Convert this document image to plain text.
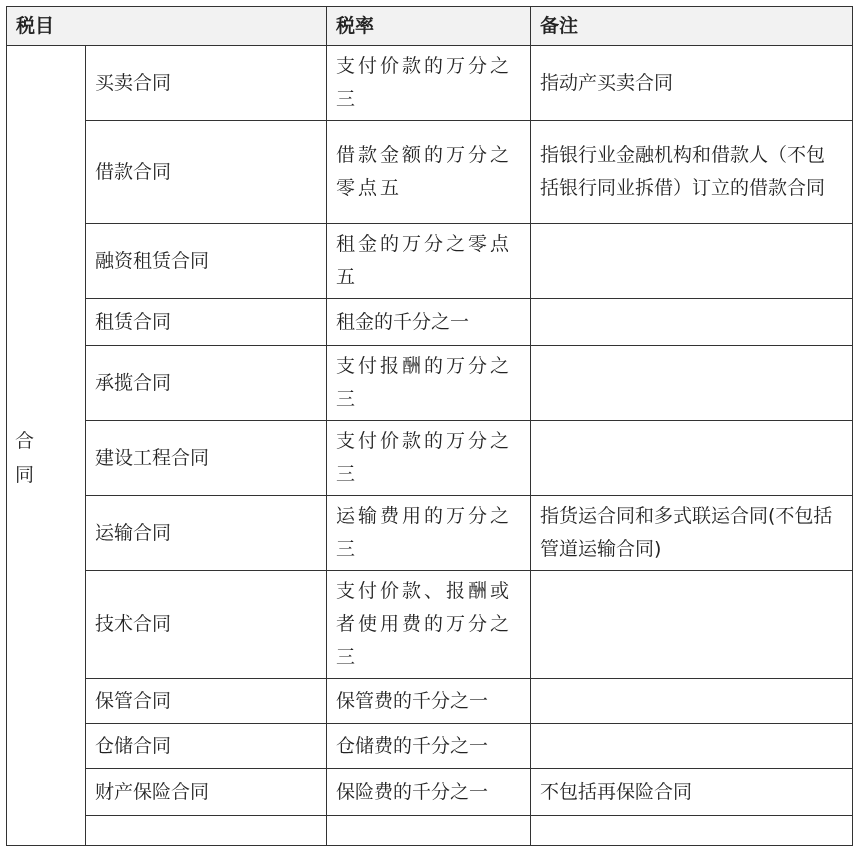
税目		税率	备注

合同	买卖合同	支付价款的万分之三	指动产买卖合同
	借款合同	借款金额的万分之零点五	指银行业金融机构和借款人（不包括银行同业拆借）订立的借款合同
	融资租赁合同	租金的万分之零点五	
	租赁合同	租金的千分之一	
	承揽合同	支付报酬的万分之三	
	建设工程合同	支付价款的万分之三	
	运输合同	运输费用的万分之三	指货运合同和多式联运合同(不包括管道运输合同)
	技术合同	支付价款、报酬或者使用费的万分之三	
	保管合同	保管费的千分之一	
	仓储合同	仓储费的千分之一	
	财产保险合同	保险费的千分之一	不包括再保险合同
